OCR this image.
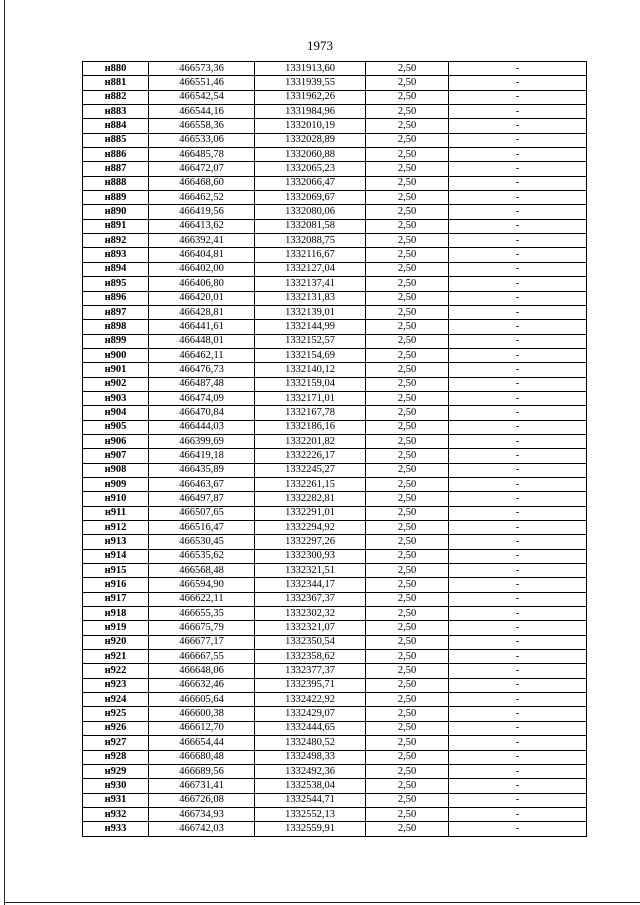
1973
н880	466573,36	1331913,60	2,50	-
н881	466551,46	1331939,55	2,50	-
н882	466542,54	1331962,26	2,50	-
н883	466544,16	1331984,96	2,50	-
н884	466558,36	1332010,19	2,50	-
н885	466533,06	1332028,89	2,50	-
н886	466485,78	1332060,88	2,50	-
н887	466472,07	1332065,23	2,50	-
н888	466468,60	1332066,47	2,50	-
н889	466462,52	1332069,67	2,50	-
н890	466419,56	1332080,06	2,50	-
н891	466413,62	1332081,58	2,50	-
н892	466392,41	1332088,75	2,50	-
н893	466404,81	1332116,67	2,50	-
н894	466402,00	1332127,04	2,50	-
н895	466406,80	1332137,41	2,50	-
н896	466420,01	1332131,83	2,50	-
н897	466428,81	1332139,01	2,50	-
н898	466441,61	1332144,99	2,50	-
н899	466448,01	1332152,57	2,50	-
н900	466462,11	1332154,69	2,50	-
н901	466476,73	1332140,12	2,50	-
н902	466487,48	1332159,04	2,50	-
н903	466474,09	1332171,01	2,50	-
н904	466470,84	1332167,78	2,50	-
н905	466444,03	1332186,16	2,50	-
н906	466399,69	1332201,82	2,50	-
н907	466419,18	1332226,17	2,50	-
н908	466435,89	1332245,27	2,50	-
н909	466463,67	1332261,15	2,50	-
н910	466497,87	1332282,81	2,50	-
н911	466507,65	1332291,01	2,50	-
н912	466516,47	1332294,92	2,50	-
н913	466530,45	1332297,26	2,50	-
н914	466535,62	1332300,93	2,50	-
н915	466568,48	1332321,51	2,50	-
н916	466594,90	1332344,17	2,50	-
н917	466622,11	1332367,37	2,50	-
н918	466655,35	1332302,32	2,50	-
н919	466675,79	1332321,07	2,50	-
н920	466677,17	1332350,54	2,50	-
н921	466667,55	1332358,62	2,50	-
н922	466648,06	1332377,37	2,50	-
н923	466632,46	1332395,71	2,50	-
н924	466605,64	1332422,92	2,50	-
н925	466600,38	1332429,07	2,50	-
н926	466612,70	1332444,65	2,50	-
н927	466654,44	1332480,52	2,50	-
н928	466680,48	1332498,33	2,50	-
н929	466689,56	1332492,36	2,50	-
н930	466731,41	1332538,04	2,50	-
н931	466726,08	1332544,71	2,50	-
н932	466734,93	1332552,13	2,50	-
н933	466742,03	1332559,91	2,50	-
